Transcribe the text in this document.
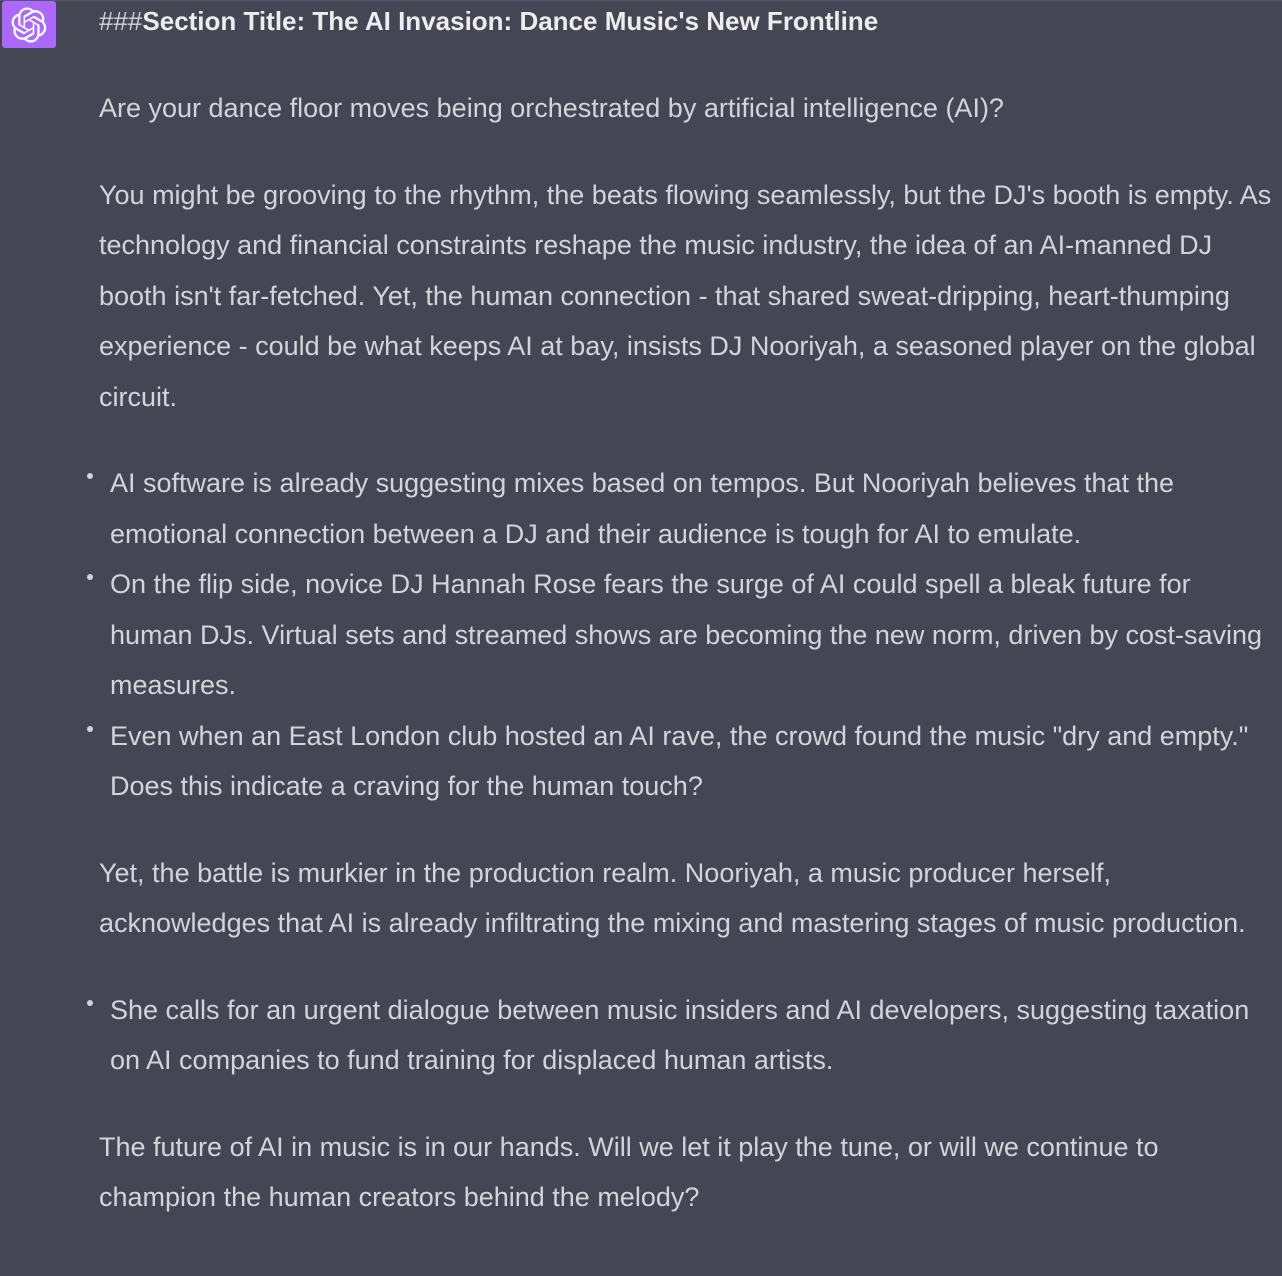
###Section Title: The AI Invasion: Dance Music's New Frontline

Are your dance floor moves being orchestrated by artificial intelligence (AI)?

You might be grooving to the rhythm, the beats flowing seamlessly, but the DJ's booth is empty. As technology and financial constraints reshape the music industry, the idea of an AI-manned DJ booth isn't far-fetched. Yet, the human connection - that shared sweat-dripping, heart-thumping experience - could be what keeps AI at bay, insists DJ Nooriyah, a seasoned player on the global circuit.

AI software is already suggesting mixes based on tempos. But Nooriyah believes that the emotional connection between a DJ and their audience is tough for AI to emulate.
On the flip side, novice DJ Hannah Rose fears the surge of AI could spell a bleak future for human DJs. Virtual sets and streamed shows are becoming the new norm, driven by cost-saving measures.
Even when an East London club hosted an AI rave, the crowd found the music "dry and empty." Does this indicate a craving for the human touch?

Yet, the battle is murkier in the production realm. Nooriyah, a music producer herself, acknowledges that AI is already infiltrating the mixing and mastering stages of music production.

She calls for an urgent dialogue between music insiders and AI developers, suggesting taxation on AI companies to fund training for displaced human artists.

The future of AI in music is in our hands. Will we let it play the tune, or will we continue to champion the human creators behind the melody?
